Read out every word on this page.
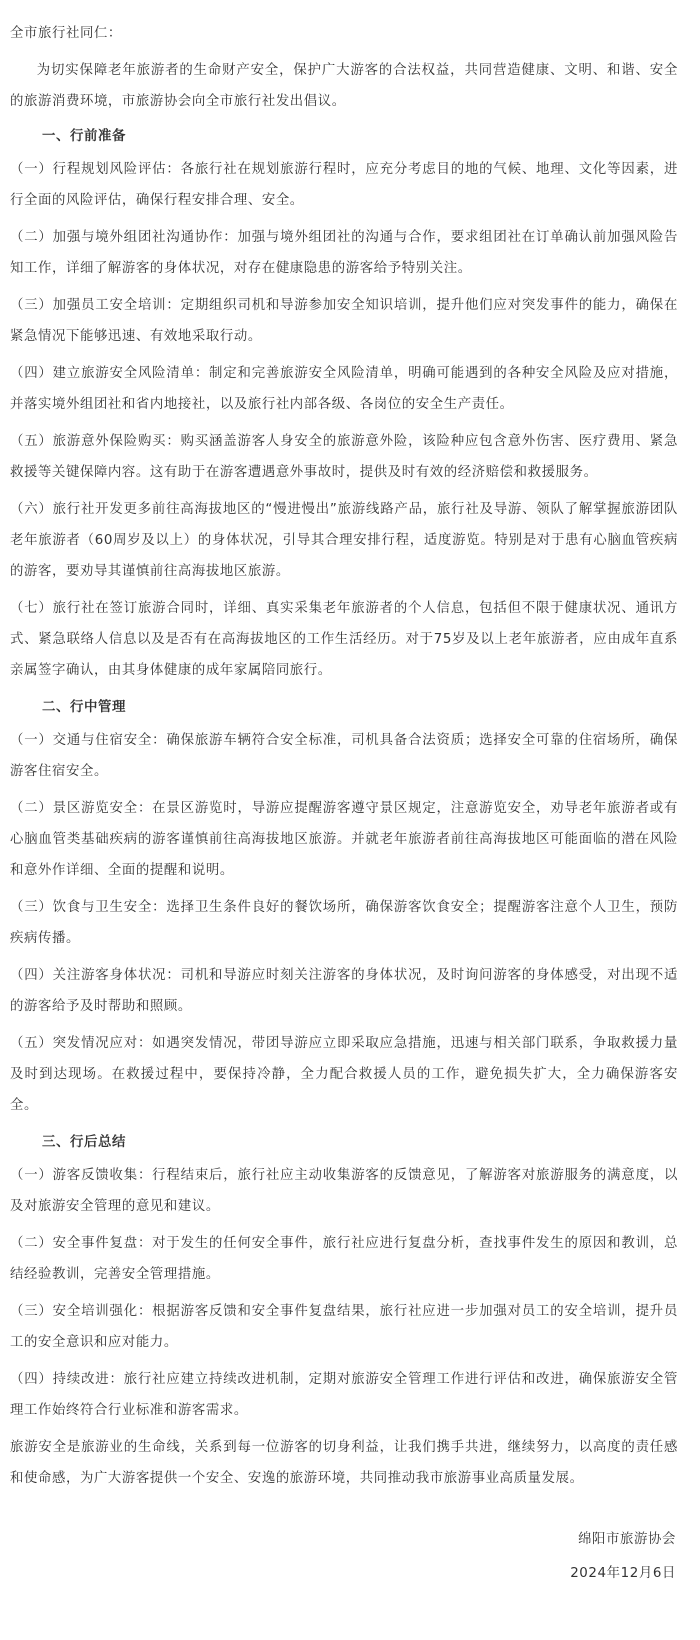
全市旅行社同仁：

为切实保障老年旅游者的生命财产安全，保护广大游客的合法权益，共同营造健康、文明、和谐、安全的旅游消费环境，市旅游协会向全市旅行社发出倡议。

一、行前准备

（一）行程规划风险评估：各旅行社在规划旅游行程时，应充分考虑目的地的气候、地理、文化等因素，进行全面的风险评估，确保行程安排合理、安全。

（二）加强与境外组团社沟通协作：加强与境外组团社的沟通与合作，要求组团社在订单确认前加强风险告知工作，详细了解游客的身体状况，对存在健康隐患的游客给予特别关注。

（三）加强员工安全培训：定期组织司机和导游参加安全知识培训，提升他们应对突发事件的能力，确保在紧急情况下能够迅速、有效地采取行动。

（四）建立旅游安全风险清单：制定和完善旅游安全风险清单，明确可能遇到的各种安全风险及应对措施，并落实境外组团社和省内地接社，以及旅行社内部各级、各岗位的安全生产责任。

（五）旅游意外保险购买：购买涵盖游客人身安全的旅游意外险，该险种应包含意外伤害、医疗费用、紧急救援等关键保障内容。这有助于在游客遭遇意外事故时，提供及时有效的经济赔偿和救援服务。

（六）旅行社开发更多前往高海拔地区的“慢进慢出”旅游线路产品，旅行社及导游、领队了解掌握旅游团队老年旅游者（60周岁及以上）的身体状况，引导其合理安排行程，适度游览。特别是对于患有心脑血管疾病的游客，要劝导其谨慎前往高海拔地区旅游。

（七）旅行社在签订旅游合同时，详细、真实采集老年旅游者的个人信息，包括但不限于健康状况、通讯方式、紧急联络人信息以及是否有在高海拔地区的工作生活经历。对于75岁及以上老年旅游者，应由成年直系亲属签字确认，由其身体健康的成年家属陪同旅行。

二、行中管理

（一）交通与住宿安全：确保旅游车辆符合安全标准，司机具备合法资质；选择安全可靠的住宿场所，确保游客住宿安全。

（二）景区游览安全：在景区游览时，导游应提醒游客遵守景区规定，注意游览安全，劝导老年旅游者或有心脑血管类基础疾病的游客谨慎前往高海拔地区旅游。并就老年旅游者前往高海拔地区可能面临的潜在风险和意外作详细、全面的提醒和说明。

（三）饮食与卫生安全：选择卫生条件良好的餐饮场所，确保游客饮食安全；提醒游客注意个人卫生，预防疾病传播。

（四）关注游客身体状况：司机和导游应时刻关注游客的身体状况，及时询问游客的身体感受，对出现不适的游客给予及时帮助和照顾。

（五）突发情况应对：如遇突发情况，带团导游应立即采取应急措施，迅速与相关部门联系，争取救援力量及时到达现场。在救援过程中，要保持冷静，全力配合救援人员的工作，避免损失扩大，全力确保游客安全。

三、行后总结

（一）游客反馈收集：行程结束后，旅行社应主动收集游客的反馈意见，了解游客对旅游服务的满意度，以及对旅游安全管理的意见和建议。

（二）安全事件复盘：对于发生的任何安全事件，旅行社应进行复盘分析，查找事件发生的原因和教训，总结经验教训，完善安全管理措施。

（三）安全培训强化：根据游客反馈和安全事件复盘结果，旅行社应进一步加强对员工的安全培训，提升员工的安全意识和应对能力。

（四）持续改进：旅行社应建立持续改进机制，定期对旅游安全管理工作进行评估和改进，确保旅游安全管理工作始终符合行业标准和游客需求。

旅游安全是旅游业的生命线，关系到每一位游客的切身利益，让我们携手共进，继续努力，以高度的责任感和使命感，为广大游客提供一个安全、安逸的旅游环境，共同推动我市旅游事业高质量发展。

绵阳市旅游协会
2024年12月6日
